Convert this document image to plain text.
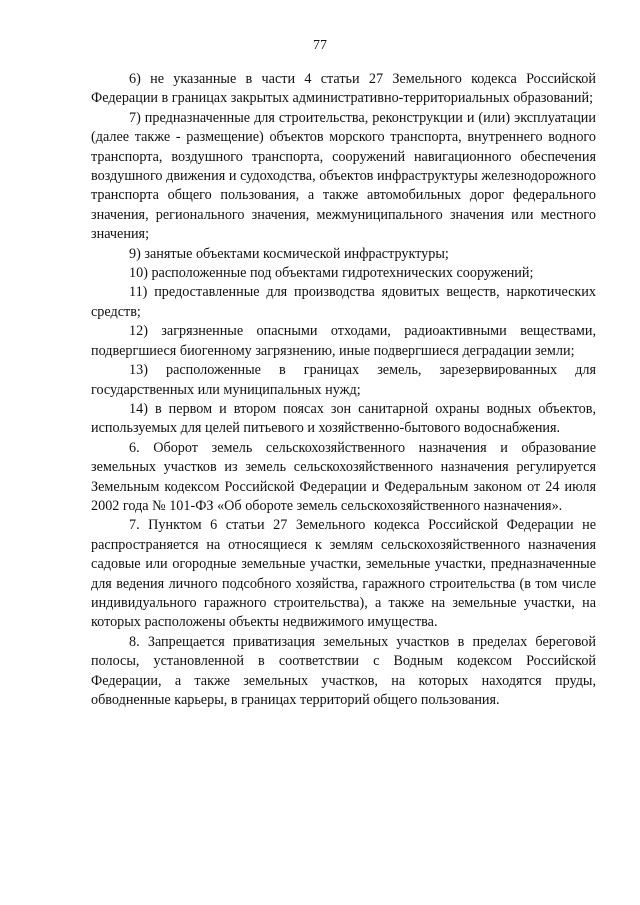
77

6) не указанные в части 4 статьи 27 Земельного кодекса Российской Федерации в границах закрытых административно-территориальных образований;

7) предназначенные для строительства, реконструкции и (или) эксплуатации (далее также - размещение) объектов морского транспорта, внутреннего водного транспорта, воздушного транспорта, сооружений навигационного обеспечения воздушного движения и судоходства, объектов инфраструктуры железнодорожного транспорта общего пользования, а также автомобильных дорог федерального значения, регионального значения, межмуниципального значения или местного значения;

9) занятые объектами космической инфраструктуры;

10) расположенные под объектами гидротехнических сооружений;

11) предоставленные для производства ядовитых веществ, наркотических средств;

12) загрязненные опасными отходами, радиоактивными веществами, подвергшиеся биогенному загрязнению, иные подвергшиеся деградации земли;

13) расположенные в границах земель, зарезервированных для государственных или муниципальных нужд;

14) в первом и втором поясах зон санитарной охраны водных объектов, используемых для целей питьевого и хозяйственно-бытового водоснабжения.

6. Оборот земель сельскохозяйственного назначения и образование земельных участков из земель сельскохозяйственного назначения регулируется Земельным кодексом Российской Федерации и Федеральным законом от 24 июля 2002 года № 101-ФЗ «Об обороте земель сельскохозяйственного назначения».

7. Пунктом 6 статьи 27 Земельного кодекса Российской Федерации не распространяется на относящиеся к землям сельскохозяйственного назначения садовые или огородные земельные участки, земельные участки, предназначенные для ведения личного подсобного хозяйства, гаражного строительства (в том числе индивидуального гаражного строительства), а также на земельные участки, на которых расположены объекты недвижимого имущества.

8. Запрещается приватизация земельных участков в пределах береговой полосы, установленной в соответствии с Водным кодексом Российской Федерации, а также земельных участков, на которых находятся пруды, обводненные карьеры, в границах территорий общего пользования.
